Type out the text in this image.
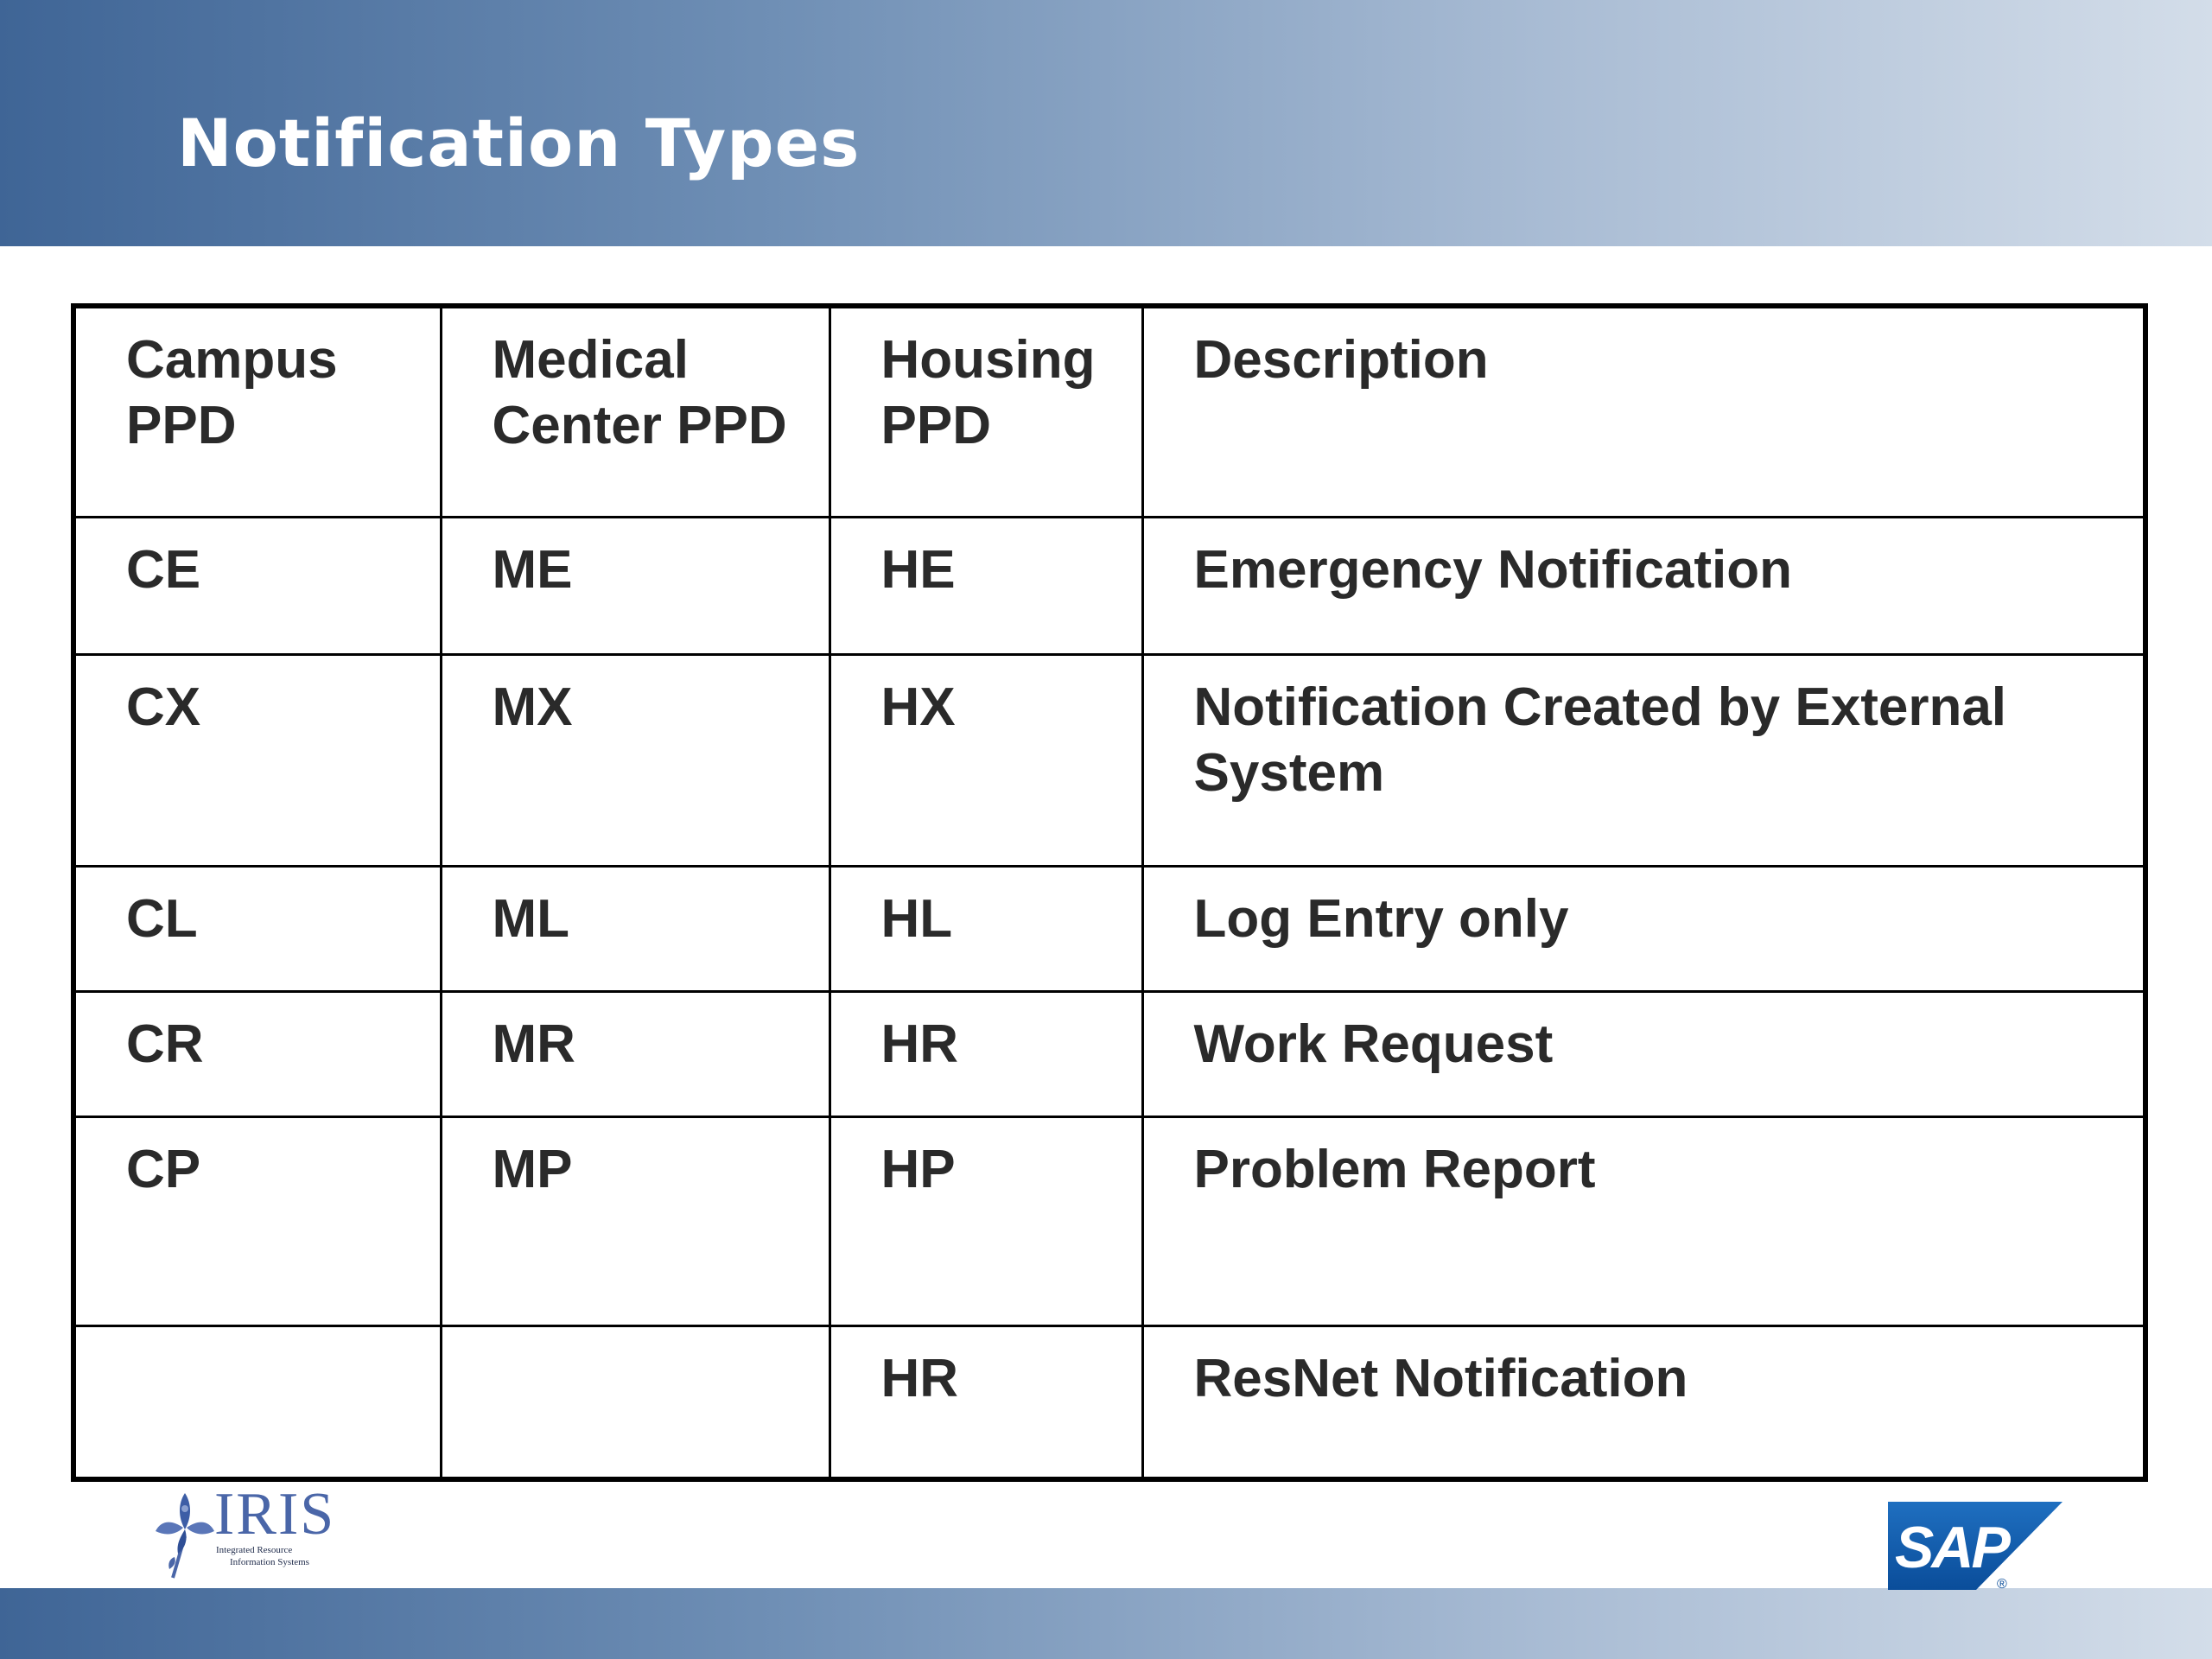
Notification Types
Campus PPD	Medical Center PPD	Housing PPD	Description

CE	ME	HE	Emergency Notification
CX	MX	HX	Notification Created by External System
CL	ML	HL	Log Entry only
CR	MR	HR	Work Request
CP	MP	HP	Problem Report
		HR	ResNet Notification
IRIS
Integrated Resource
Information Systems	SAP
®
